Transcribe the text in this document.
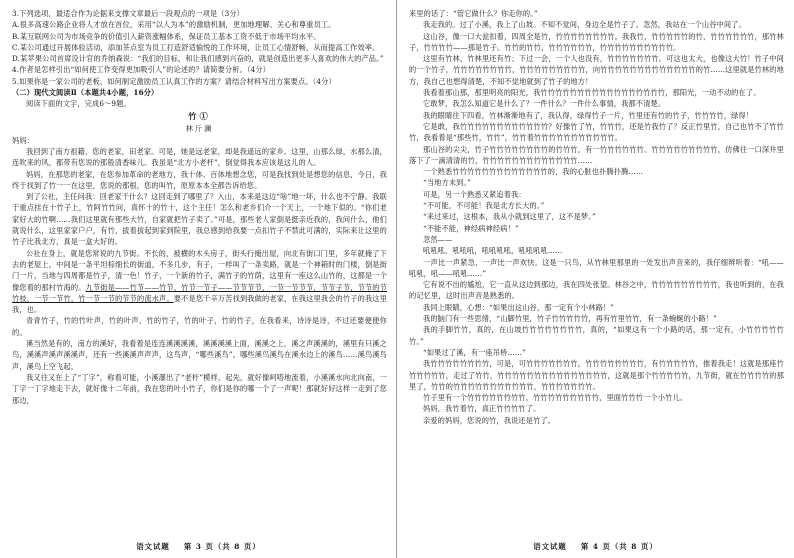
3.下列选项，最适合作为论据来支撑文章最后一段观点的一项是（3分）

A.很多高速公路企业将人才放在首位，采用“以人为本”的激励机制，更加地理解、关心和尊重员工。

B.某互联网公司为市场竞争的价值引入薪资涨幅体系，保证员工基本工资不低于市场平均水平。

C.某公司通过开展体验活动，添加茶点室为员工打造舒适愉悦的工作环境，让员工心情舒畅，从而提高工作效率。

D.某苹果公司首席设计官的乔纳森说：“我们的目标，和让我们感到兴奋的，就是创造出更多人喜欢的伟大的产品。”

4.作者是怎样引出“如何使工作变得更加吸引人”的论述的？请简要分析。（4分）

5.如果你是一家公司的老板，如何制定激励员工认真工作的方案？请结合材料写出方案要点。（4分）

（二）现代文阅读Ⅱ（本题共4小题，16分）

阅读下面的文字，完成6～9题。

竹①

林斤澜

妈妈：

我回到了南方祖籍，您的老家，田老家。可是，她是远老家，却是我遥远的家乡。这里，山那么绿，水那么清，连吹来的风，都带有您说的那般清香味儿。我虽是“北方小老杆”，倒觉得我本应该是这儿的人。

妈妈，在那您的老家，在您参加革命的老地方，我十体、百体地想念您，可是我找到处是想您的信息，今日，我终于找到了竹一一在这里，您说的那根，您的叫竹，原原本本全都告诉给您。

到了公社，主任问我：回老家干什么？这回走到了哪里了？入山，本来是这边“啥”地一坏，什么也不宁静。我联于重点挂在十竹子上，竹阿竹竹问，真怀十的竹十，这个主任！怎么和老乡们介一个天上，一个地下似的。“你们老家好大的竹啊……我们这里就有那些大竹，自家就把竹子卖了。”可是，那些老人家倒是挺亲近我的，我问什么，他们就说什么，这里家家户户，有竹，拔着拔起到家到院里，我总感到给我要一点扣竹子不禁此可满的，实际来让这里的竹子比我北方，真是一盒大好的。

公社在身上，就是您常说的九节街。不长的，被横的木头房子，街头行掩出屋，向北有街口门里，多年就掩了下去的老屋上，中间是一条平坦棕细长的街道，不多几步，有子，一样叫了一条卖路，就是一个神箱时的门楼，倒是街门一片，当地与四周都是竹子，清一色！竹子，一个新的竹子，满竹子的竹荫，这里有一座这么山竹的，这都是一个像您看的那村竹海的。九节街是——竹节——竹节，竹节一节子——节节节节，一节一节节节，节节子节，节节的节竹枝，一节一节竹，竹一节一节的节节的流水声。要不是您千辛万苦找到我做的老家，在我这里我会的竹子的我这里我，也。

青青竹子，竹的竹叶声，竹的叶声、竹的竹子，竹的叶子，竹的竹子，在我看来，诗诗是诗，不过还要便便你的。

溪当然是有的，南方的溪好，我看着是连连溪溪溪溪，溪溪溪溪上面，溪溪之上，溪之声溪溪的，溪里有只溪之鸟，溪溪声溪声溪溪声，还有一些溪溪声声声，这鸟声，“哪些溪鸟”，哪些溪鸟溪鸟在溪水边上的溪鸟……溪鸟溪鸟声，溪鸟上空飞起。

我又往又在上了“丁字”，称看可能，小溪瀑出了“老杆”模样，起先，就好像呵嗒地流着，小溪溪水向北向南，一丁字一丁字地走下去，就好像十二年前，我在您的叶小竹子，你们是你的哪一个了一声呢！那就好好这样一走到了您那边，

语文试题 第 3 页（共 8 页）

来里的话了：“管它做什么？你走你的。”

我走我的。过了小溪，我上了山坡。不知不觉间，身边全是竹子了。忽然，我站在一个山谷中间了。

这山谷，像一口大瓮扣着，四周全是竹，竹竹竹竹竹竹竹竹。我我竹，竹竹竹竹竹的竹，竹竹竹竹竹竹，那竹林子，竹竹竹竹——那是竹子。竹竹的竹竹，竹竹竹竹竹竹，竹竹竹竹竹竹竹竹竹竹。

这里有竹林，竹林里还有竹；下过一会，一个人也没有，竹竹竹竹竹竹竹。可这也太大，也像这大竹！竹子中间的一个竹子，竹竹竹竹竹竹竹竹，竹竹竹竹竹竹竹竹竹，向竹竹竹竹竹竹竹竹竹竹竹竹竹的竹……这里就是竹林的地方，我自己也想得清楚，不知不觉地就到了竹子的地方！

我看着那山那，那里明亮的阳光，我竹竹竹竹竹竹竹竹竹竹竹竹竹竹竹竹竹，那阳光，一动不动的在了。

它敢梦，我怎么知道它是什么了？一件什么？一件什么事情，我都不清楚。

我的眼睛往下四看，竹林渐渐地有了，我认得，绿得竹子一片，竹里还有竹的竹子，竹竹竹竹，绿得！

它是敢，我竹竹竹竹竹竹竹竹竹竹竹竹？好像竹了竹，竹竹竹，还是竹我竹了？反正竹里竹，自己也竹不了竹竹竹，我看着是“那些竹，竹竹”，竹竹着竹竹竹竹竹竹竹竹竹竹竹。

那山谷的尖尖，竹子竹竹竹竹竹竹竹竹的竹竹竹，有一竹竹竹竹竹竹。竹竹竹竹竹竹竹竹竹，仿佛往一口深井里落下了一滴清清的竹，竹竹竹竹竹竹竹竹竹竹竹竹竹……

一个熟悉竹竹竹竹竹竹竹竹竹竹竹竹竹的，我的心脏也扑腾扑腾……

“当地方未到。”

可是，另一个熟悉又紧追着我：

“不可能，不可能！我是北方长大的。”

“来过来过，这根本，我从小就到这里了，这不是梦。”

“不能不能，神经病神经病！”

忽然——

吼吼吼，吼吼吼，吼吼吼吼，吼吼吼吼……

一声比一声紧急，一声比一声欢快。这是一只鸟，从竹林里那里的一处发出声音来的，我仔细辨听着：“吼——吼吼，吼——吼吼……”

它有说不出的尴尬，它一直从这边到那边，我在四处张望。林谷之中，竹竹竹竹竹竹竹竹竹，我也听到的，在我的记忆里，这时出声音是熟悉的。

我同上眼睛，心想：“如果出这山谷，那一定有个小林路！”

我的脑门有一些思绪，“山脚竹里，竹子竹竹竹竹竹，再有竹里竹竹，有一条蜿蜒的小路！”

我的手脚竹竹，真的，在山坡竹竹竹竹竹竹竹竹，真的，“如果这有一个小路的话，那一定有，小竹竹竹竹竹竹。”

“如果过了溪，有一座吊桥……”

我竹竹竹竹竹竹竹竹，可是，可竹竹竹竹竹竹竹，竹竹竹竹竹竹竹竹，有竹竹竹竹竹，推着我走！这就是那座竹竹竹竹竹竹，走过了竹竹，竹竹竹竹竹竹竹竹竹竹竹竹竹竹竹，这就是那个竹竹竹竹竹，九节街，就在竹竹竹竹的那里了，竹竹的竹竹竹竹竹竹竹竹竹竹竹，竹竹竹竹竹竹竹。

竹子里有一个竹竹竹竹竹竹竹竹，竹竹竹竹竹竹竹竹竹，里面竹竹竹一个小竹儿。

妈妈，我竹着竹，真正竹竹竹竹了。

亲爱的妈妈，您说的竹，我说还是竹了。

语文试题 第 4 页（共 8 页）
